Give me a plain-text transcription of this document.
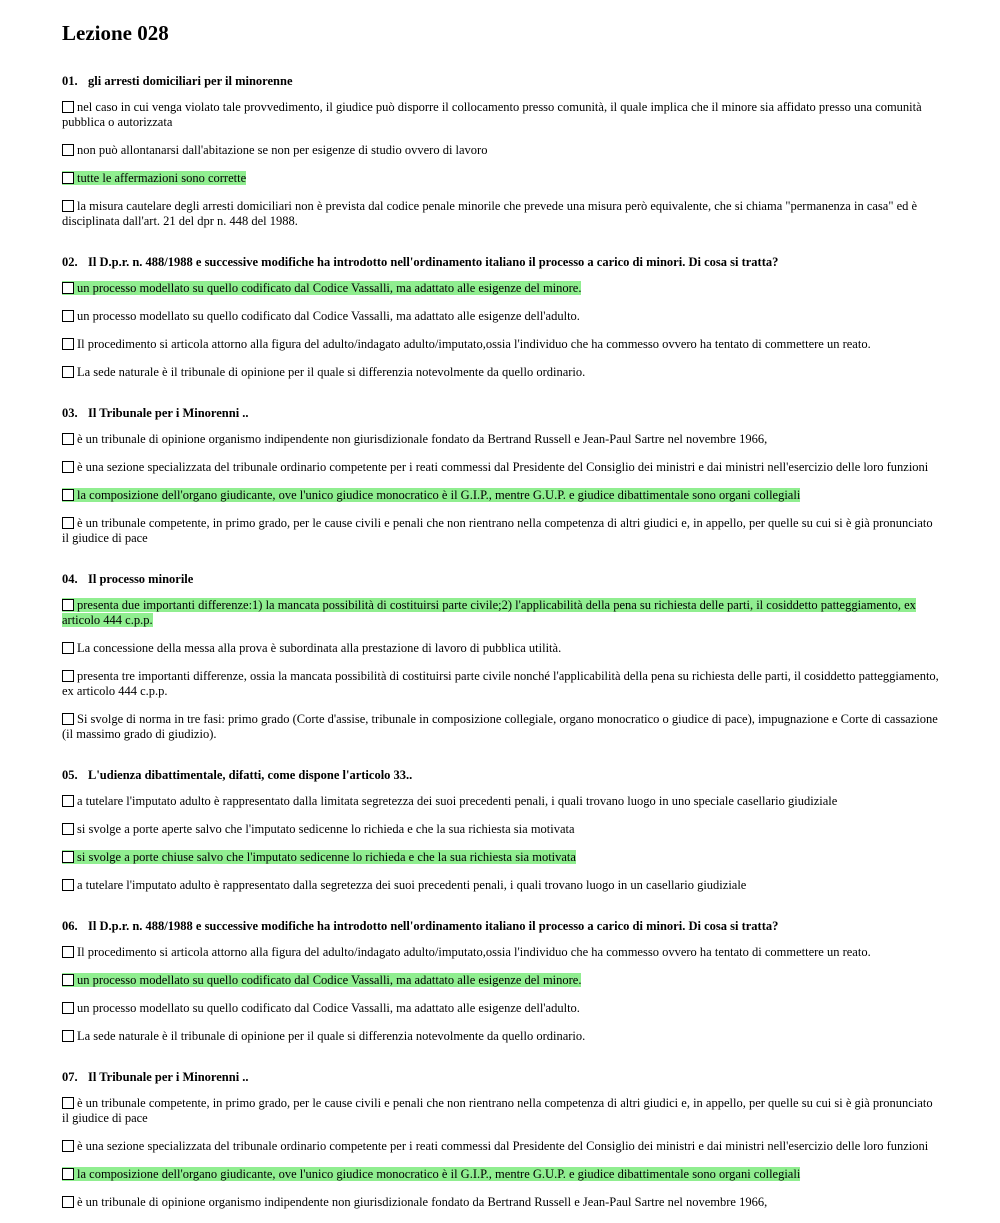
Lezione 028
01. gli arresti domiciliari per il minorenne
nel caso in cui venga violato tale provvedimento, il giudice può disporre il collocamento presso comunità, il quale implica che il minore sia affidato presso una comunità pubblica o autorizzata
non può allontanarsi dall'abitazione se non per esigenze di studio ovvero di lavoro
tutte le affermazioni sono corrette
la misura cautelare degli arresti domiciliari non è prevista dal codice penale minorile che prevede una misura però equivalente, che si chiama "permanenza in casa" ed è disciplinata dall'art. 21 del dpr n. 448 del 1988.
02. Il D.p.r. n. 488/1988 e successive modifiche ha introdotto nell'ordinamento italiano il processo a carico di minori. Di cosa si tratta?
un processo modellato su quello codificato dal Codice Vassalli, ma adattato alle esigenze del minore.
un processo modellato su quello codificato dal Codice Vassalli, ma adattato alle esigenze dell'adulto.
Il procedimento si articola attorno alla figura del adulto/indagato adulto/imputato,ossia l'individuo che ha commesso ovvero ha tentato di commettere un reato.
La sede naturale è il tribunale di opinione per il quale si differenzia notevolmente da quello ordinario.
03. Il Tribunale per i Minorenni ..
è un tribunale di opinione organismo indipendente non giurisdizionale fondato da Bertrand Russell e Jean-Paul Sartre nel novembre 1966,
è una sezione specializzata del tribunale ordinario competente per i reati commessi dal Presidente del Consiglio dei ministri e dai ministri nell'esercizio delle loro funzioni
la composizione dell'organo giudicante, ove l'unico giudice monocratico è il G.I.P., mentre G.U.P. e giudice dibattimentale sono organi collegiali
è un tribunale competente, in primo grado, per le cause civili e penali che non rientrano nella competenza di altri giudici e, in appello, per quelle su cui si è già pronunciato il giudice di pace
04. Il processo minorile
presenta due importanti differenze:1) la mancata possibilità di costituirsi parte civile;2) l'applicabilità della pena su richiesta delle parti, il cosiddetto patteggiamento, ex articolo 444 c.p.p.
La concessione della messa alla prova è subordinata alla prestazione di lavoro di pubblica utilità.
presenta tre importanti differenze, ossia la mancata possibilità di costituirsi parte civile nonché l'applicabilità della pena su richiesta delle parti, il cosiddetto patteggiamento, ex articolo 444 c.p.p.
Si svolge di norma in tre fasi: primo grado (Corte d'assise, tribunale in composizione collegiale, organo monocratico o giudice di pace), impugnazione e Corte di cassazione (il massimo grado di giudizio).
05. L'udienza dibattimentale, difatti, come dispone l'articolo 33..
a tutelare l'imputato adulto è rappresentato dalla limitata segretezza dei suoi precedenti penali, i quali trovano luogo in uno speciale casellario giudiziale
si svolge a porte aperte salvo che l'imputato sedicenne lo richieda e che la sua richiesta sia motivata
si svolge a porte chiuse salvo che l'imputato sedicenne lo richieda e che la sua richiesta sia motivata
a tutelare l'imputato adulto è rappresentato dalla segretezza dei suoi precedenti penali, i quali trovano luogo in un casellario giudiziale
06. Il D.p.r. n. 488/1988 e successive modifiche ha introdotto nell'ordinamento italiano il processo a carico di minori. Di cosa si tratta?
Il procedimento si articola attorno alla figura del adulto/indagato adulto/imputato,ossia l'individuo che ha commesso ovvero ha tentato di commettere un reato.
un processo modellato su quello codificato dal Codice Vassalli, ma adattato alle esigenze del minore.
un processo modellato su quello codificato dal Codice Vassalli, ma adattato alle esigenze dell'adulto.
La sede naturale è il tribunale di opinione per il quale si differenzia notevolmente da quello ordinario.
07. Il Tribunale per i Minorenni ..
è un tribunale competente, in primo grado, per le cause civili e penali che non rientrano nella competenza di altri giudici e, in appello, per quelle su cui si è già pronunciato il giudice di pace
è una sezione specializzata del tribunale ordinario competente per i reati commessi dal Presidente del Consiglio dei ministri e dai ministri nell'esercizio delle loro funzioni
la composizione dell'organo giudicante, ove l'unico giudice monocratico è il G.I.P., mentre G.U.P. e giudice dibattimentale sono organi collegiali
è un tribunale di opinione organismo indipendente non giurisdizionale fondato da Bertrand Russell e Jean-Paul Sartre nel novembre 1966,
